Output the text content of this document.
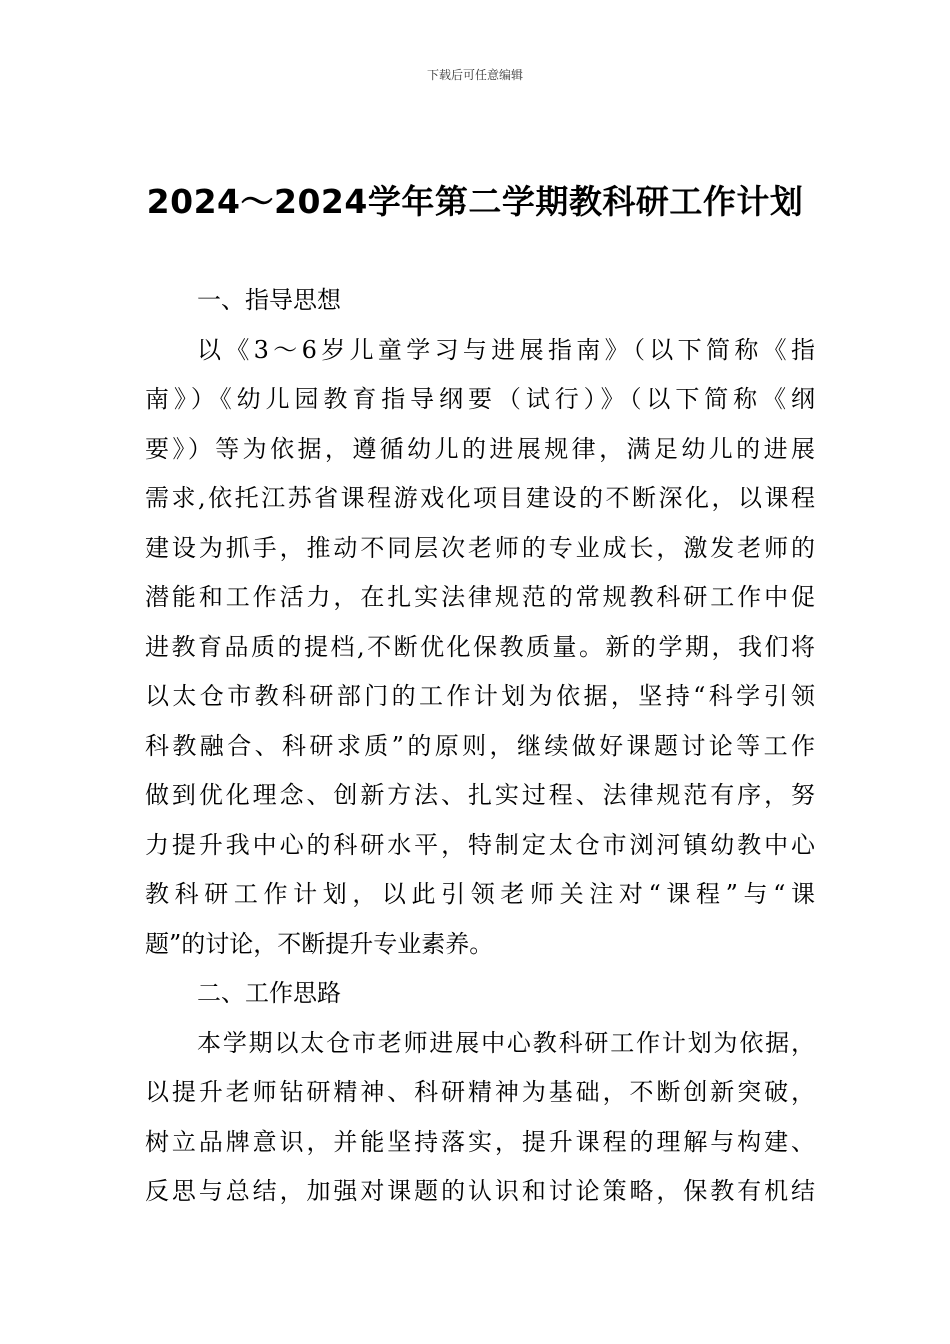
下载后可任意编辑
2024～2024学年第二学期教科研工作计划
一、指导思想
以《3～6岁儿童学习与进展指南》（以下简称《指
南》）《幼儿园教育指导纲要（试行）》（以下简称《纲
要》）等为依据，遵循幼儿的进展规律，满足幼儿的进展
需求,依托江苏省课程游戏化项目建设的不断深化，以课程
建设为抓手，推动不同层次老师的专业成长，激发老师的
潜能和工作活力，在扎实法律规范的常规教科研工作中促
进教育品质的提档,不断优化保教质量。新的学期，我们将
以太仓市教科研部门的工作计划为依据，坚持“科学引领
科教融合、科研求质”的原则，继续做好课题讨论等工作
做到优化理念、创新方法、扎实过程、法律规范有序，努
力提升我中心的科研水平，特制定太仓市浏河镇幼教中心
教科研工作计划，以此引领老师关注对“课程”与“课
题”的讨论，不断提升专业素养。
二、工作思路
本学期以太仓市老师进展中心教科研工作计划为依据，
以提升老师钻研精神、科研精神为基础，不断创新突破，
树立品牌意识，并能坚持落实，提升课程的理解与构建、
反思与总结，加强对课题的认识和讨论策略，保教有机结
